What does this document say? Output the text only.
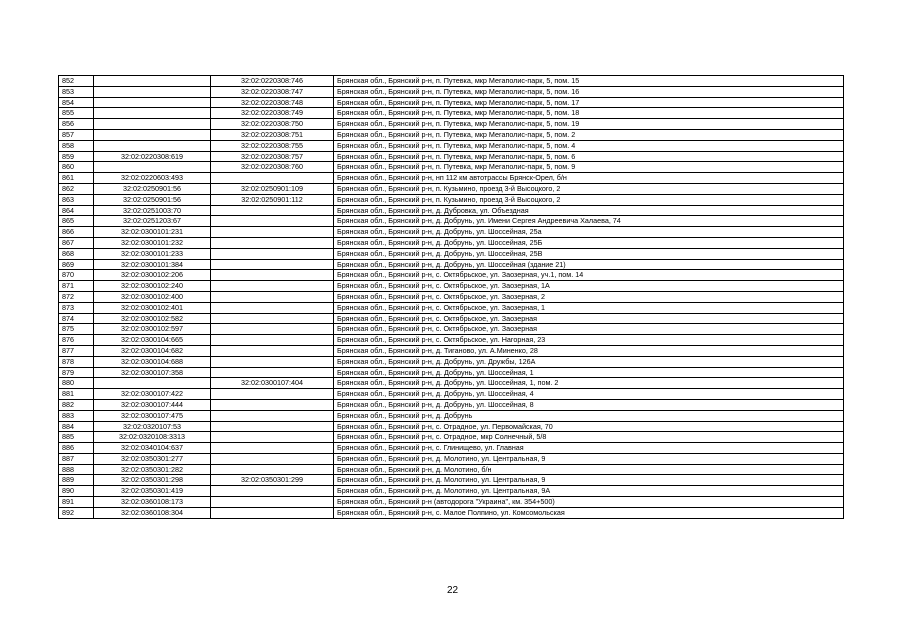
852		32:02:0220308:746	Брянская обл., Брянский р-н, п. Путевка, мкр Мегаполис-парк, 5, пом. 15
853		32:02:0220308:747	Брянская обл., Брянский р-н, п. Путевка, мкр Мегаполис-парк, 5, пом. 16
854		32:02:0220308:748	Брянская обл., Брянский р-н, п. Путевка, мкр Мегаполис-парк, 5, пом. 17
855		32:02:0220308:749	Брянская обл., Брянский р-н, п. Путевка, мкр Мегаполис-парк, 5, пом. 18
856		32:02:0220308:750	Брянская обл., Брянский р-н, п. Путевка, мкр Мегаполис-парк, 5, пом. 19
857		32:02:0220308:751	Брянская обл., Брянский р-н, п. Путевка, мкр Мегаполис-парк, 5, пом. 2
858		32:02:0220308:755	Брянская обл., Брянский р-н, п. Путевка, мкр Мегаполис-парк, 5, пом. 4
859	32:02:0220308:619	32:02:0220308:757	Брянская обл., Брянский р-н, п. Путевка, мкр Мегаполис-парк, 5, пом. 6
860		32:02:0220308:760	Брянская обл., Брянский р-н, п. Путевка, мкр Мегаполис-парк, 5, пом. 9
861	32:02:0220603:493		Брянская обл., Брянский р-н, нп 112 км автотрассы Брянск-Орел, б/н
862	32:02:0250901:56	32:02:0250901:109	Брянская обл., Брянский р-н, п. Кузьмино, проезд 3-й Высоцкого, 2
863	32:02:0250901:56	32:02:0250901:112	Брянская обл., Брянский р-н, п. Кузьмино, проезд 3-й Высоцкого, 2
864	32:02:0251003:70		Брянская обл., Брянский р-н, д. Дубровка, ул. Объездная
865	32:02:0251203:67		Брянская обл., Брянский р-н, д. Добрунь, ул. Имени Сергея Андреевича Халаева, 74
866	32:02:0300101:231		Брянская обл., Брянский р-н, д. Добрунь, ул. Шоссейная, 25а
867	32:02:0300101:232		Брянская обл., Брянский р-н, д. Добрунь, ул. Шоссейная, 25Б
868	32:02:0300101:233		Брянская обл., Брянский р-н, д. Добрунь, ул. Шоссейная, 25В
869	32:02:0300101:384		Брянская обл., Брянский р-н, д. Добрунь, ул. Шоссейная (здание 21)
870	32:02:0300102:206		Брянская обл., Брянский р-н, с. Октябрьское, ул. Заозерная, уч.1, пом. 14
871	32:02:0300102:240		Брянская обл., Брянский р-н, с. Октябрьское, ул. Заозерная, 1А
872	32:02:0300102:400		Брянская обл., Брянский р-н, с. Октябрьское, ул. Заозерная, 2
873	32:02:0300102:401		Брянская обл., Брянский р-н, с. Октябрьское, ул. Заозерная, 1
874	32:02:0300102:582		Брянская обл., Брянский р-н, с. Октябрьское, ул. Заозерная
875	32:02:0300102:597		Брянская обл., Брянский р-н, с. Октябрьское, ул. Заозерная
876	32:02:0300104:665		Брянская обл., Брянский р-н, с. Октябрьское, ул. Нагорная, 23
877	32:02:0300104:682		Брянская обл., Брянский р-н, д. Тиганово, ул. А.Миненко, 28
878	32:02:0300104:688		Брянская обл., Брянский р-н, д. Добрунь, ул. Дружбы, 126А
879	32:02:0300107:358		Брянская обл., Брянский р-н, д. Добрунь, ул. Шоссейная, 1
880		32:02:0300107:404	Брянская обл., Брянский р-н, д. Добрунь, ул. Шоссейная, 1, пом. 2
881	32:02:0300107:422		Брянская обл., Брянский р-н, д. Добрунь, ул. Шоссейная, 4
882	32:02:0300107:444		Брянская обл., Брянский р-н, д. Добрунь, ул. Шоссейная, 8
883	32:02:0300107:475		Брянская обл., Брянский р-н, д. Добрунь
884	32:02:0320107:53		Брянская обл., Брянский р-н, с. Отрадное, ул. Первомайская, 70
885	32:02:0320108:3313		Брянская обл., Брянский р-н, с. Отрадное, мкр Солнечный, 5/8
886	32:02:0340104:637		Брянская обл., Брянский р-н, с. Глинищево, ул. Главная
887	32:02:0350301:277		Брянская обл., Брянский р-н, д. Молотино, ул. Центральная, 9
888	32:02:0350301:282		Брянская обл., Брянский р-н, д. Молотино, б/н
889	32:02:0350301:298	32:02:0350301:299	Брянская обл., Брянский р-н, д. Молотино, ул. Центральная, 9
890	32:02:0350301:419		Брянская обл., Брянский р-н, д. Молотино, ул. Центральная, 9А
891	32:02:0360108:173		Брянская обл., Брянский р-н (автодорога "Украина", км. 354+500)
892	32:02:0360108:304		Брянская обл., Брянский р-н, с. Малое Полпино, ул. Комсомольская
22
